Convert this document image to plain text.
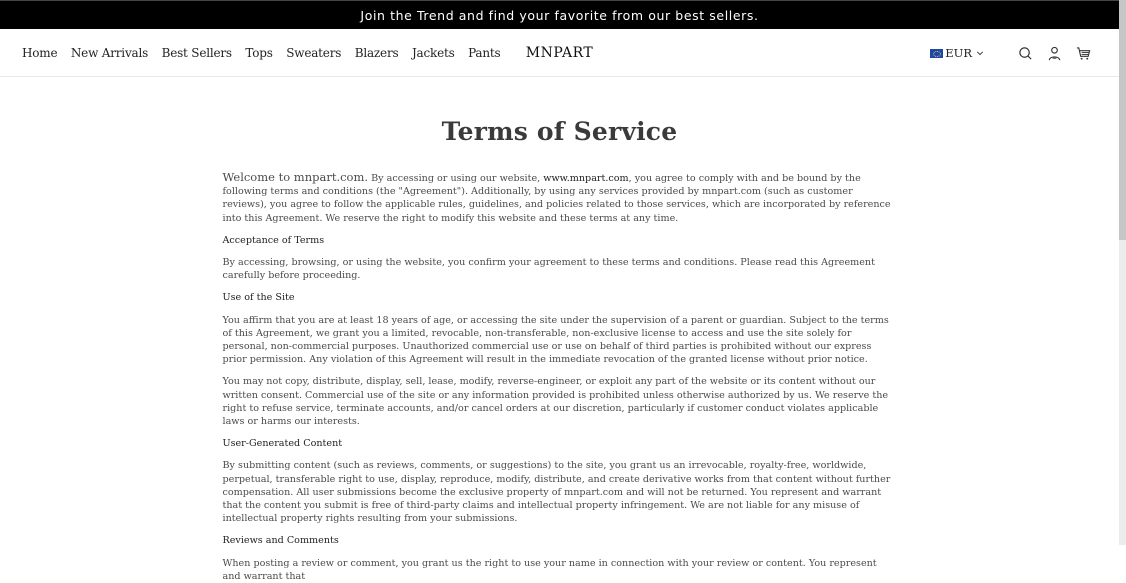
Join the Trend and find your favorite from our best sellers.
Home New Arrivals Best Sellers Tops Sweaters Blazers Jackets Pants MNPART	EUR
Terms of Service

Welcome to mnpart.com. By accessing or using our website, www.mnpart.com, you agree to comply with and be bound by the following terms and conditions (the "Agreement"). Additionally, by using any services provided by mnpart.com (such as customer reviews), you agree to follow the applicable rules, guidelines, and policies related to those services, which are incorporated by reference into this Agreement. We reserve the right to modify this website and these terms at any time.

Acceptance of Terms

By accessing, browsing, or using the website, you confirm your agreement to these terms and conditions. Please read this Agreement carefully before proceeding.

Use of the Site

You affirm that you are at least 18 years of age, or accessing the site under the supervision of a parent or guardian. Subject to the terms of this Agreement, we grant you a limited, revocable, non-transferable, non-exclusive license to access and use the site solely for personal, non-commercial purposes. Unauthorized commercial use or use on behalf of third parties is prohibited without our express prior permission. Any violation of this Agreement will result in the immediate revocation of the granted license without prior notice.

You may not copy, distribute, display, sell, lease, modify, reverse-engineer, or exploit any part of the website or its content without our written consent. Commercial use of the site or any information provided is prohibited unless otherwise authorized by us. We reserve the right to refuse service, terminate accounts, and/or cancel orders at our discretion, particularly if customer conduct violates applicable laws or harms our interests.

User-Generated Content

By submitting content (such as reviews, comments, or suggestions) to the site, you grant us an irrevocable, royalty-free, worldwide, perpetual, transferable right to use, display, reproduce, modify, distribute, and create derivative works from that content without further compensation. All user submissions become the exclusive property of mnpart.com and will not be returned. You represent and warrant that the content you submit is free of third-party claims and intellectual property infringement. We are not liable for any misuse of intellectual property rights resulting from your submissions.

Reviews and Comments

When posting a review or comment, you grant us the right to use your name in connection with your review or content. You represent and warrant that
